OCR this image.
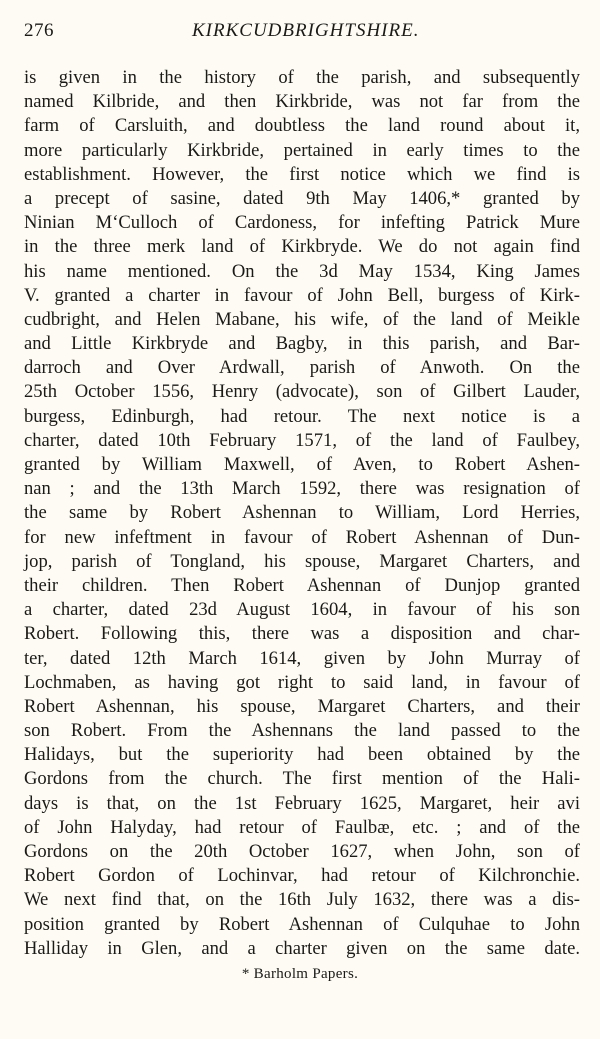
276	KIRKCUDBRIGHTSHIRE.
is given in the history of the parish, and subsequently
named Kilbride, and then Kirkbride, was not far from the
farm of Carsluith, and doubtless the land round about it,
more particularly Kirkbride, pertained in early times to the
establishment. However, the first notice which we find is
a precept of sasine, dated 9th May 1406,* granted by
Ninian M‘Culloch of Cardoness, for infefting Patrick Mure
in the three merk land of Kirkbryde. We do not again find
his name mentioned. On the 3d May 1534, King James
V. granted a charter in favour of John Bell, burgess of Kirk-
cudbright, and Helen Mabane, his wife, of the land of Meikle
and Little Kirkbryde and Bagby, in this parish, and Bar-
darroch and Over Ardwall, parish of Anwoth. On the
25th October 1556, Henry (advocate), son of Gilbert Lauder,
burgess, Edinburgh, had retour. The next notice is a
charter, dated 10th February 1571, of the land of Faulbey,
granted by William Maxwell, of Aven, to Robert Ashen-
nan ; and the 13th March 1592, there was resignation of
the same by Robert Ashennan to William, Lord Herries,
for new infeftment in favour of Robert Ashennan of Dun-
jop, parish of Tongland, his spouse, Margaret Charters, and
their children. Then Robert Ashennan of Dunjop granted
a charter, dated 23d August 1604, in favour of his son
Robert. Following this, there was a disposition and char-
ter, dated 12th March 1614, given by John Murray of
Lochmaben, as having got right to said land, in favour of
Robert Ashennan, his spouse, Margaret Charters, and their
son Robert. From the Ashennans the land passed to the
Halidays, but the superiority had been obtained by the
Gordons from the church. The first mention of the Hali-
days is that, on the 1st February 1625, Margaret, heir avi
of John Halyday, had retour of Faulbæ, etc. ; and of the
Gordons on the 20th October 1627, when John, son of
Robert Gordon of Lochinvar, had retour of Kilchronchie.
We next find that, on the 16th July 1632, there was a dis-
position granted by Robert Ashennan of Culquhae to John
Halliday in Glen, and a charter given on the same date.
* Barholm Papers.
